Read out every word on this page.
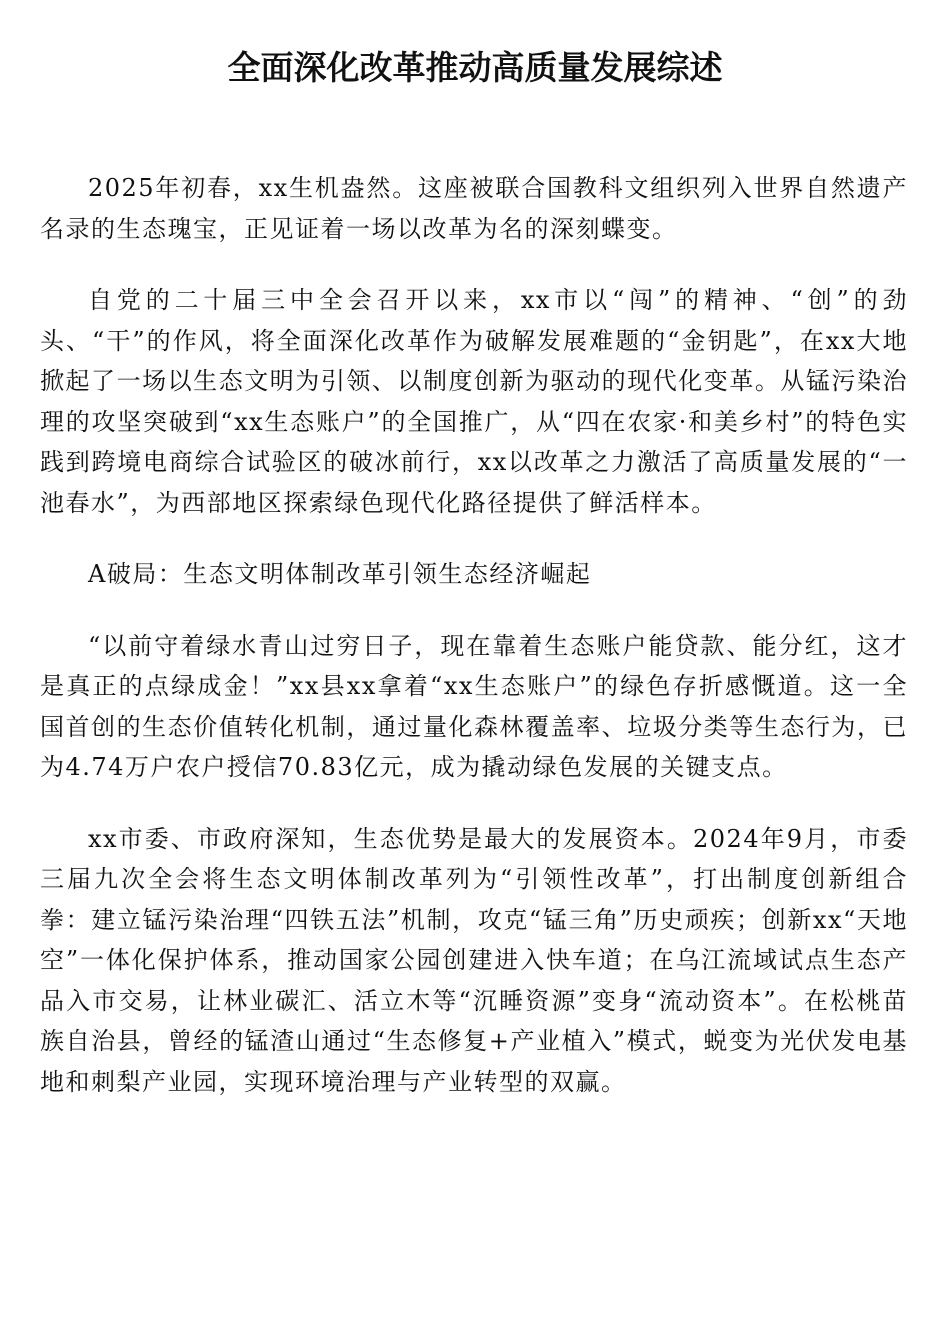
全面深化改革推动高质量发展综述

2025年初春，xx生机盎然。这座被联合国教科文组织列入世界自然遗产名录的生态瑰宝，正见证着一场以改革为名的深刻蝶变。

自党的二十届三中全会召开以来，xx市以“闯”的精神、“创”的劲头、“干”的作风，将全面深化改革作为破解发展难题的“金钥匙”，在xx大地掀起了一场以生态文明为引领、以制度创新为驱动的现代化变革。从锰污染治理的攻坚突破到“xx生态账户”的全国推广，从“四在农家·和美乡村”的特色实践到跨境电商综合试验区的破冰前行，xx以改革之力激活了高质量发展的“一池春水”，为西部地区探索绿色现代化路径提供了鲜活样本。

A破局：生态文明体制改革引领生态经济崛起

“以前守着绿水青山过穷日子，现在靠着生态账户能贷款、能分红，这才是真正的点绿成金！”xx县xx拿着“xx生态账户”的绿色存折感慨道。这一全国首创的生态价值转化机制，通过量化森林覆盖率、垃圾分类等生态行为，已为4.74万户农户授信70.83亿元，成为撬动绿色发展的关键支点。

xx市委、市政府深知，生态优势是最大的发展资本。2024年9月，市委三届九次全会将生态文明体制改革列为“引领性改革”，打出制度创新组合拳：建立锰污染治理“四铁五法”机制，攻克“锰三角”历史顽疾；创新xx“天地空”一体化保护体系，推动国家公园创建进入快车道；在乌江流域试点生态产品入市交易，让林业碳汇、活立木等“沉睡资源”变身“流动资本”。在松桃苗族自治县，曾经的锰渣山通过“生态修复+产业植入”模式，蜕变为光伏发电基地和刺梨产业园，实现环境治理与产业转型的双赢。
